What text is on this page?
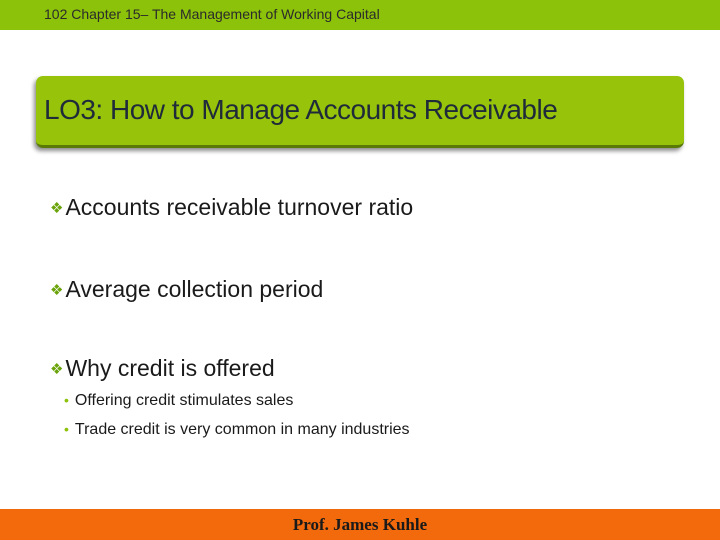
102 Chapter 15– The Management of Working Capital
LO3: How to Manage Accounts Receivable
❖Accounts receivable turnover ratio
❖Average collection period
❖Why credit is offered
• Offering credit stimulates sales
• Trade credit is very common in many industries
Prof. James Kuhle
